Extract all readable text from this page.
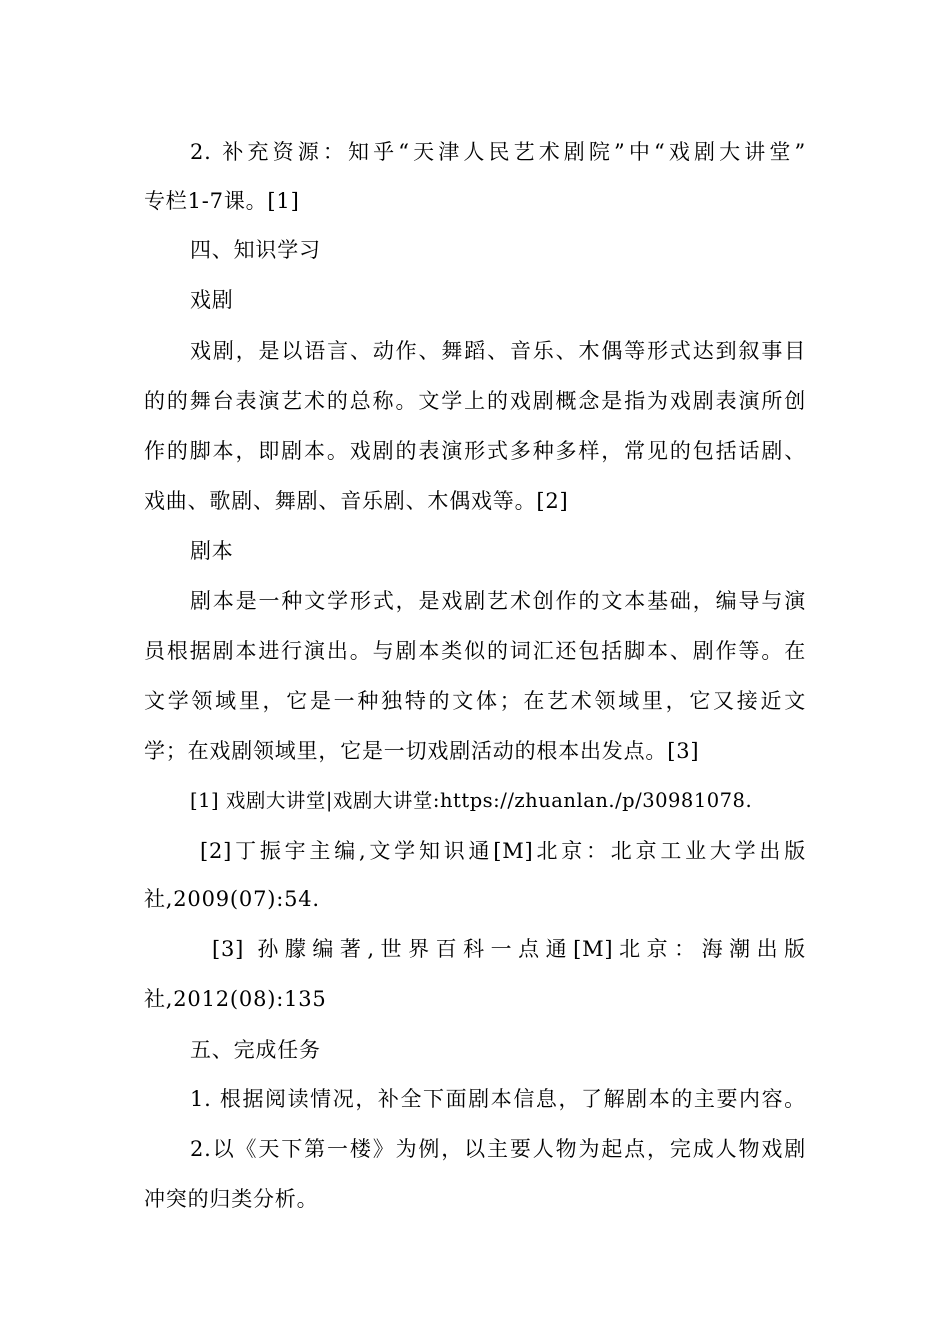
2. 补充资源：知乎“天津人民艺术剧院”中“戏剧大讲堂”
专栏1-7课。[1]
四、知识学习
戏剧
戏剧，是以语言、动作、舞蹈、音乐、木偶等形式达到叙事目
的的舞台表演艺术的总称。文学上的戏剧概念是指为戏剧表演所创
作的脚本，即剧本。戏剧的表演形式多种多样，常见的包括话剧、
戏曲、歌剧、舞剧、音乐剧、木偶戏等。[2]
剧本
剧本是一种文学形式，是戏剧艺术创作的文本基础，编导与演
员根据剧本进行演出。与剧本类似的词汇还包括脚本、剧作等。在
文学领域里，它是一种独特的文体；在艺术领域里，它又接近文
学；在戏剧领域里，它是一切戏剧活动的根本出发点。[3]
[1] 戏剧大讲堂|戏剧大讲堂:https://zhuanlan./p/30981078.
[2]丁振宇主编,文学知识通[M]北京：北京工业大学出版
社,2009(07):54.
[3] 孙朦编著,世界百科一点通[M]北京：海潮出版
社,2012(08):135
五、完成任务
1. 根据阅读情况，补全下面剧本信息，了解剧本的主要内容。
2.以《天下第一楼》为例，以主要人物为起点，完成人物戏剧
冲突的归类分析。
